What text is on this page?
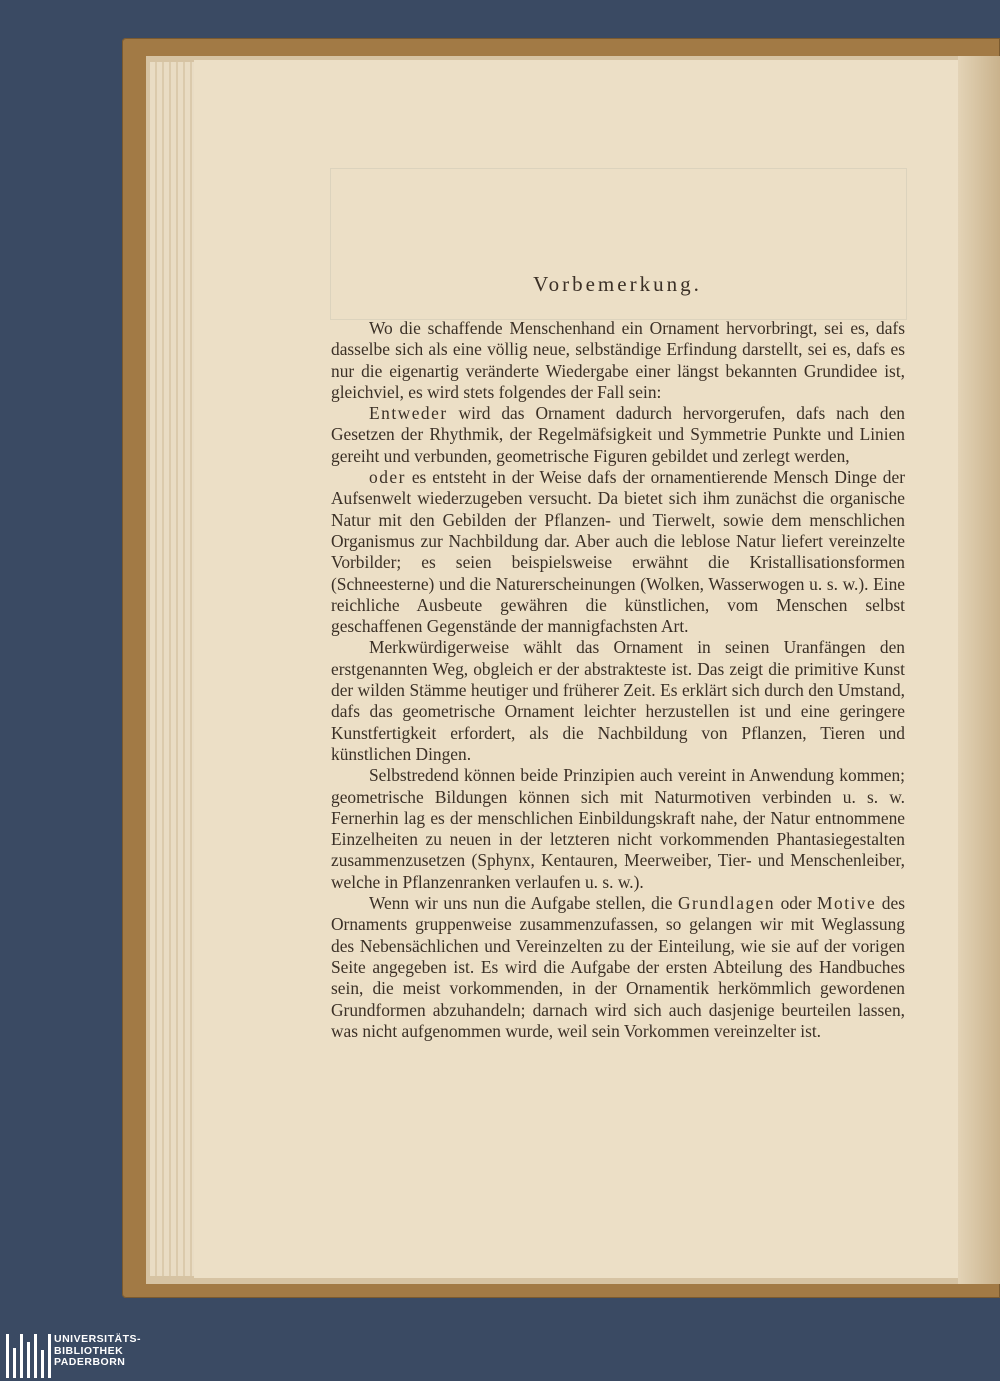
Vorbemerkung.

Wo die schaffende Menschenhand ein Ornament hervorbringt, sei es, dafs dasselbe sich als eine völlig neue, selbständige Erfindung darstellt, sei es, dafs es nur die eigenartig veränderte Wiedergabe einer längst bekannten Grundidee ist, gleichviel, es wird stets folgendes der Fall sein:

Entweder wird das Ornament dadurch hervorgerufen, dafs nach den Gesetzen der Rhythmik, der Regelmäfsigkeit und Symmetrie Punkte und Linien gereiht und verbunden, geometrische Figuren gebildet und zerlegt werden,

oder es entsteht in der Weise dafs der ornamentierende Mensch Dinge der Aufsenwelt wiederzugeben versucht. Da bietet sich ihm zunächst die organische Natur mit den Gebilden der Pflanzen- und Tierwelt, sowie dem menschlichen Organismus zur Nachbildung dar. Aber auch die leblose Natur liefert vereinzelte Vorbilder; es seien beispielsweise erwähnt die Kristallisationsformen (Schneesterne) und die Naturerscheinungen (Wolken, Wasserwogen u. s. w.). Eine reichliche Ausbeute gewähren die künstlichen, vom Menschen selbst geschaffenen Gegenstände der mannigfachsten Art.

Merkwürdigerweise wählt das Ornament in seinen Uranfängen den erstgenannten Weg, obgleich er der abstrakteste ist. Das zeigt die primitive Kunst der wilden Stämme heutiger und früherer Zeit. Es erklärt sich durch den Umstand, dafs das geometrische Ornament leichter herzustellen ist und eine geringere Kunstfertigkeit erfordert, als die Nachbildung von Pflanzen, Tieren und künstlichen Dingen.

Selbstredend können beide Prinzipien auch vereint in Anwendung kommen; geometrische Bildungen können sich mit Naturmotiven verbinden u. s. w. Fernerhin lag es der menschlichen Einbildungskraft nahe, der Natur entnommene Einzelheiten zu neuen in der letzteren nicht vorkommenden Phantasiegestalten zusammenzusetzen (Sphynx, Kentauren, Meerweiber, Tier- und Menschenleiber, welche in Pflanzenranken verlaufen u. s. w.).

Wenn wir uns nun die Aufgabe stellen, die Grundlagen oder Motive des Ornaments gruppenweise zusammenzufassen, so gelangen wir mit Weglassung des Nebensächlichen und Vereinzelten zu der Einteilung, wie sie auf der vorigen Seite angegeben ist. Es wird die Aufgabe der ersten Abteilung des Handbuches sein, die meist vorkommenden, in der Ornamentik herkömmlich gewordenen Grundformen abzuhandeln; darnach wird sich auch dasjenige beurteilen lassen, was nicht aufgenommen wurde, weil sein Vorkommen vereinzelter ist.

UNIVERSITÄTS-
BIBLIOTHEK
PADERBORN
